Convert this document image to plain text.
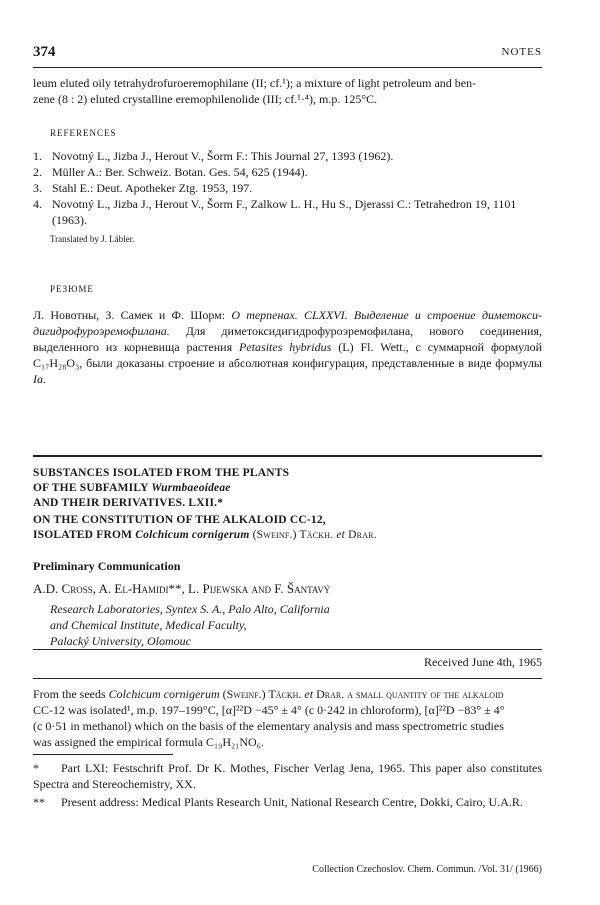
374	NOTES

leum eluted oily tetrahydrofuroeremophilane (II; cf.¹); a mixture of light petroleum and ben-

zene (8 : 2) eluted crystalline eremophilenolide (III; cf.¹·⁴), m.p. 125°C.

REFERENCES
1. Novotný L., Jizba J., Herout V., Šorm F.: This Journal 27, 1393 (1962).
2. Müller A.: Ber. Schweiz. Botan. Ges. 54, 625 (1944).
3. Stahl E.: Deut. Apotheker Ztg. 1953, 197.
4. Novotný L., Jizba J., Herout V., Šorm F., Zalkow L. H., Hu S., Djerassi C.: Tetrahedron 19, 1101 (1963).
Translated by J. Lábler.
РЕЗЮМЕ
Л. Новотны, З. Самек и Ф. Шорм: О терпенах. CLXXVI. Выделение и строение диметокси-дигидрофуроэремофилана. Для диметоксидигидрофуроэремофилана, нового соединения, выделенного из корневища растения Petasites hybridus (L) Fl. Wett., с суммарной формулой C₁₇H₂₈O₃, были доказаны строение и абсолютная конфигурация, представленные в виде формулы Ia.
SUBSTANCES ISOLATED FROM THE PLANTS
OF THE SUBFAMILY Wurmbaeoideae
AND THEIR DERIVATIVES. LXII.*
ON THE CONSTITUTION OF THE ALKALOID CC-12,
ISOLATED FROM Colchicum cornigerum (Sweinf.) Täckh. et Drar.
Preliminary Communication
A.D. Cross, A. El-Hamidi**, L. Pijewska and F. Šantavý
Research Laboratories, Syntex S. A., Palo Alto, California
and Chemical Institute, Medical Faculty,
Palacký University, Olomouc
Received June 4th, 1965

From the seeds Colchicum cornigerum (Sweinf.) Täckh. et Drar. a small quantity of the alkaloid

CC-12 was isolated¹, m.p. 197–199°C, [α]²²D −45° ± 4° (c 0·242 in chloroform), [α]²²D −83° ± 4°

(c 0·51 in methanol) which on the basis of the elementary analysis and mass spectrometric studies

was assigned the empirical formula C₁₉H₂₁NO₆.

* Part LXI: Festschrift Prof. Dr K. Mothes, Fischer Verlag Jena, 1965. This paper also constitutes Spectra and Stereochemistry, XX.

** Present address: Medical Plants Research Unit, National Research Centre, Dokki, Cairo, U.A.R.

Collection Czechoslov. Chem. Commun. /Vol. 31/ (1966)
